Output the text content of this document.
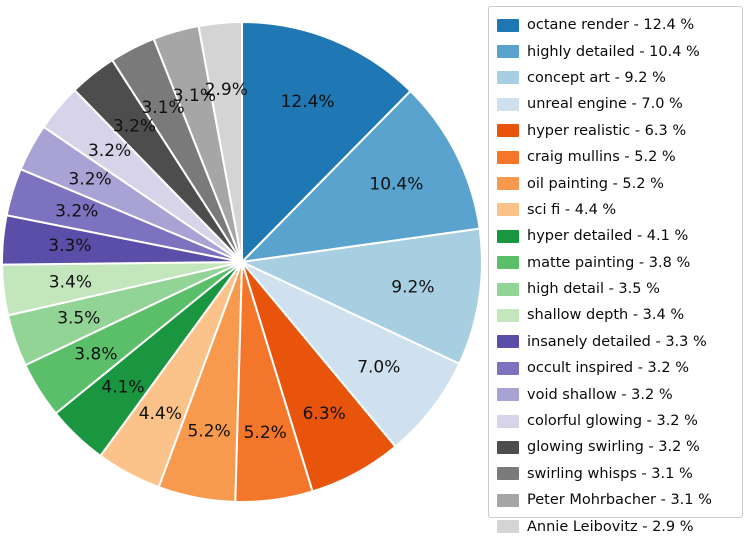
12.4%
10.4%
9.2%
7.0%
6.3%
5.2%
5.2%
4.4%
4.1%
3.8%
3.5%
3.4%
3.3%
3.2%
3.2%
3.2%
3.2%
3.1%
3.1%
2.9%
octane render - 12.4 %
highly detailed - 10.4 %
concept art - 9.2 %
unreal engine - 7.0 %
hyper realistic - 6.3 %
craig mullins - 5.2 %
oil painting - 5.2 %
sci fi - 4.4 %
hyper detailed - 4.1 %
matte painting - 3.8 %
high detail - 3.5 %
shallow depth - 3.4 %
insanely detailed - 3.3 %
occult inspired - 3.2 %
void shallow - 3.2 %
colorful glowing - 3.2 %
glowing swirling - 3.2 %
swirling whisps - 3.1 %
Peter Mohrbacher - 3.1 %
Annie Leibovitz - 2.9 %
